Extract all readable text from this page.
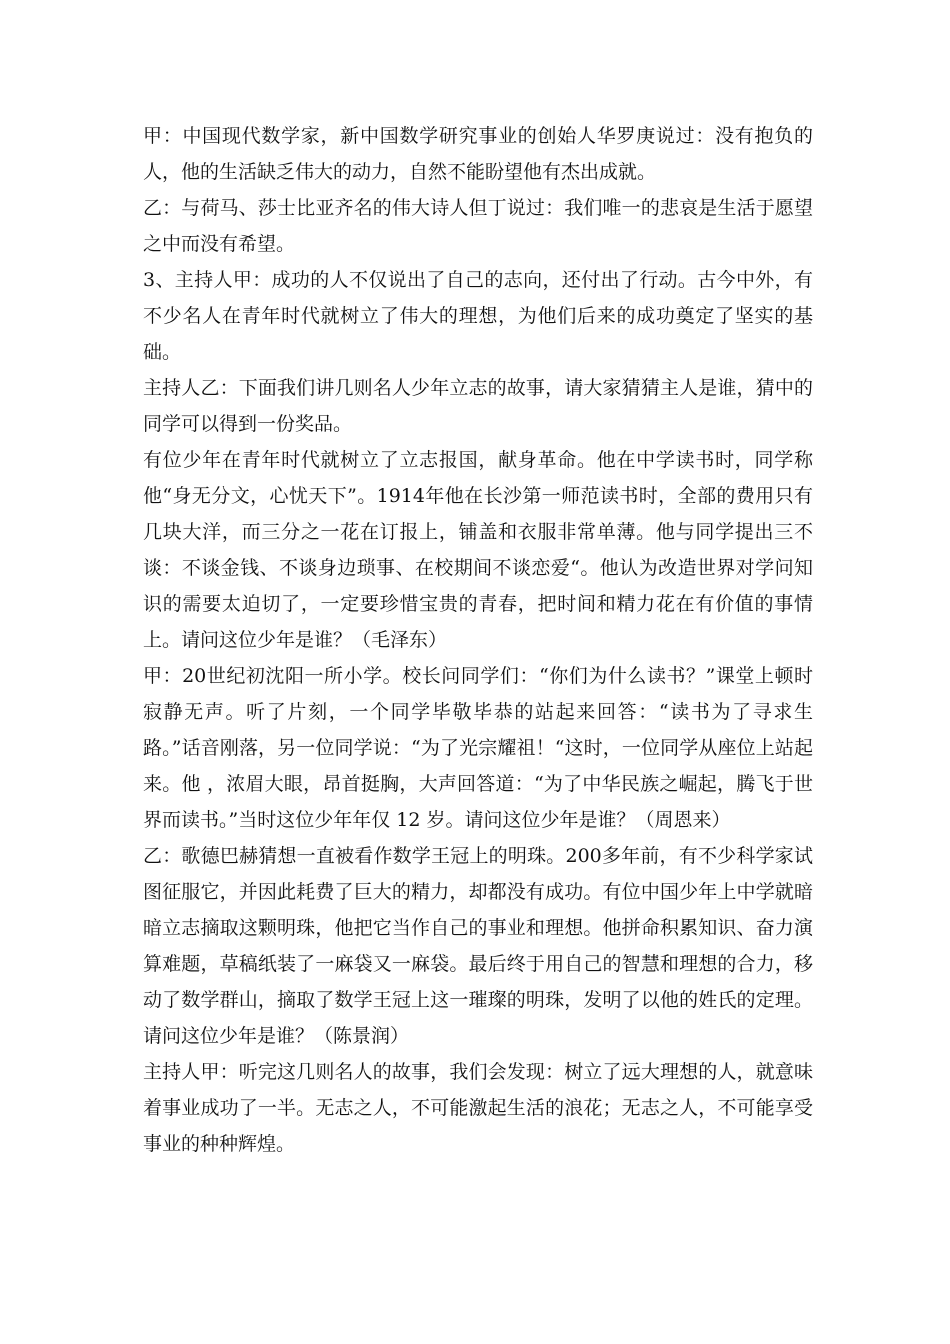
甲：中国现代数学家，新中国数学研究事业的创始人华罗庚说过：没有抱负的人，他的生活缺乏伟大的动力，自然不能盼望他有杰出成就。

乙：与荷马、莎士比亚齐名的伟大诗人但丁说过：我们唯一的悲哀是生活于愿望之中而没有希望。

3、主持人甲：成功的人不仅说出了自己的志向，还付出了行动。古今中外，有不少名人在青年时代就树立了伟大的理想，为他们后来的成功奠定了坚实的基础。

主持人乙：下面我们讲几则名人少年立志的故事，请大家猜猜主人是谁，猜中的同学可以得到一份奖品。

有位少年在青年时代就树立了立志报国，献身革命。他在中学读书时，同学称他“身无分文，心忧天下”。1914年他在长沙第一师范读书时，全部的费用只有几块大洋，而三分之一花在订报上，铺盖和衣服非常单薄。他与同学提出三不谈：不谈金钱、不谈身边琐事、在校期间不谈恋爱“。他认为改造世界对学问知识的需要太迫切了，一定要珍惜宝贵的青春，把时间和精力花在有价值的事情上。请问这位少年是谁？（毛泽东）

甲：20世纪初沈阳一所小学。校长问同学们：“你们为什么读书？”课堂上顿时寂静无声。听了片刻，一个同学毕敬毕恭的站起来回答：“读书为了寻求生路。”话音刚落，另一位同学说：“为了光宗耀祖！“这时，一位同学从座位上站起来。他 ，浓眉大眼，昂首挺胸，大声回答道：“为了中华民族之崛起，腾飞于世界而读书。”当时这位少年年仅 12 岁。请问这位少年是谁？（周恩来）

乙：歌德巴赫猜想一直被看作数学王冠上的明珠。200多年前，有不少科学家试图征服它，并因此耗费了巨大的精力，却都没有成功。有位中国少年上中学就暗暗立志摘取这颗明珠，他把它当作自己的事业和理想。他拼命积累知识、奋力演算难题，草稿纸装了一麻袋又一麻袋。最后终于用自己的智慧和理想的合力，移动了数学群山，摘取了数学王冠上这一璀璨的明珠，发明了以他的姓氏的定理。请问这位少年是谁？（陈景润）

主持人甲：听完这几则名人的故事，我们会发现：树立了远大理想的人，就意味着事业成功了一半。无志之人，不可能激起生活的浪花；无志之人，不可能享受事业的种种辉煌。
